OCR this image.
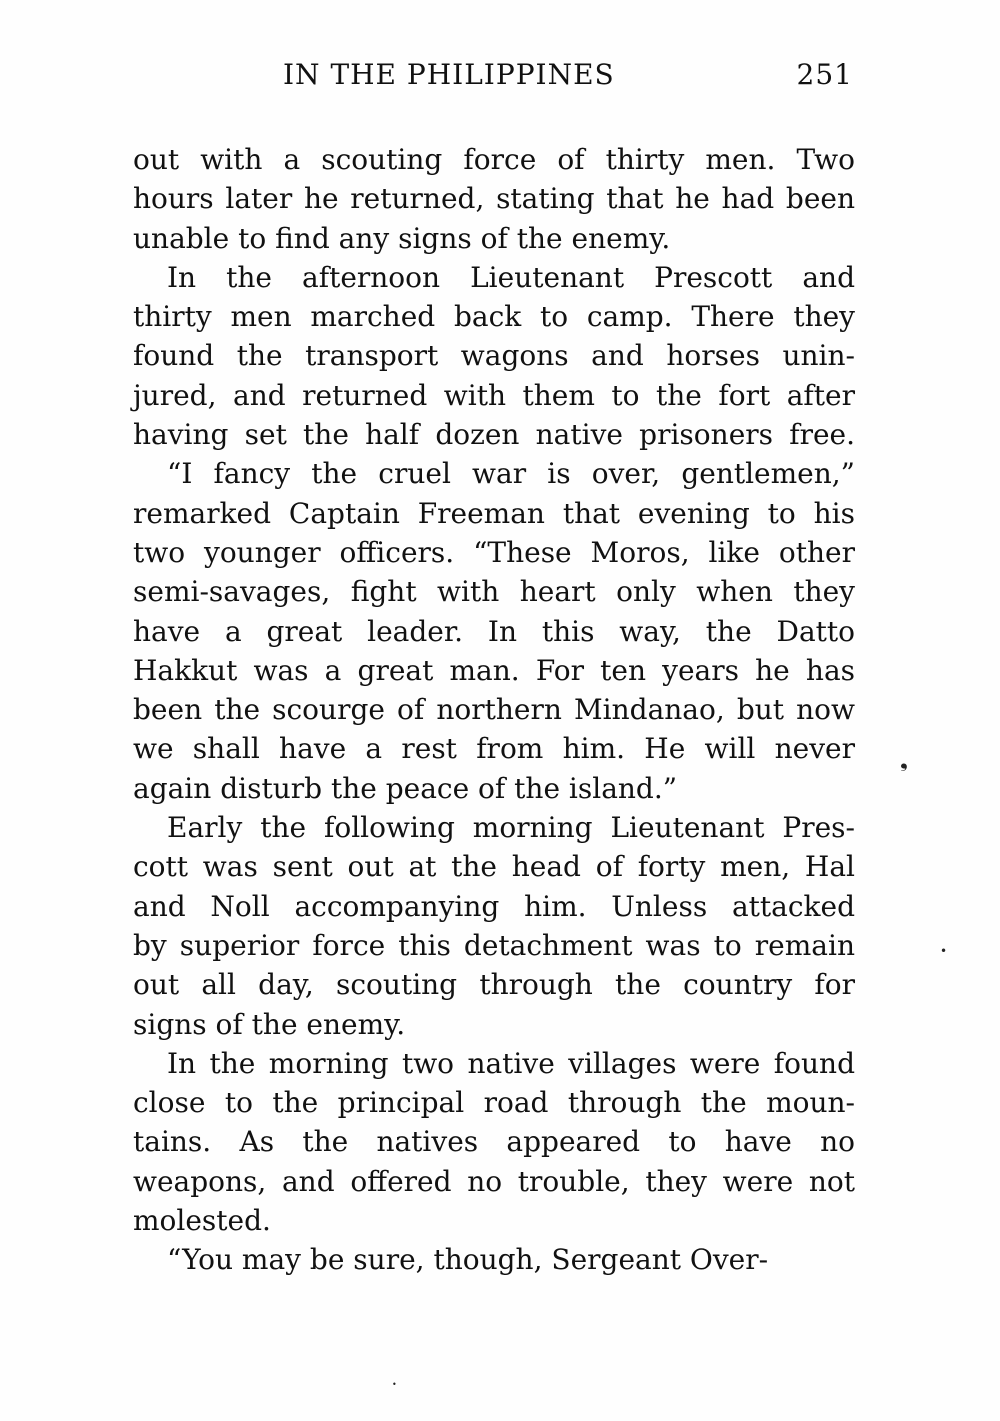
IN THE PHILIPPINES	251
out with a scouting force of thirty men. Two
hours later he returned, stating that he had been
unable to find any signs of the enemy.
In the afternoon Lieutenant Prescott and
thirty men marched back to camp. There they
found the transport wagons and horses unin-
jured, and returned with them to the fort after
having set the half dozen native prisoners free.
“I fancy the cruel war is over, gentlemen,”
remarked Captain Freeman that evening to his
two younger officers. “These Moros, like other
semi-savages, fight with heart only when they
have a great leader. In this way, the Datto
Hakkut was a great man. For ten years he has
been the scourge of northern Mindanao, but now
we shall have a rest from him. He will never
again disturb the peace of the island.”
Early the following morning Lieutenant Pres-
cott was sent out at the head of forty men, Hal
and Noll accompanying him. Unless attacked
by superior force this detachment was to remain
out all day, scouting through the country for
signs of the enemy.
In the morning two native villages were found
close to the principal road through the moun-
tains. As the natives appeared to have no
weapons, and offered no trouble, they were not
molested.
“You may be sure, though, Sergeant Over-
❟
•
•
